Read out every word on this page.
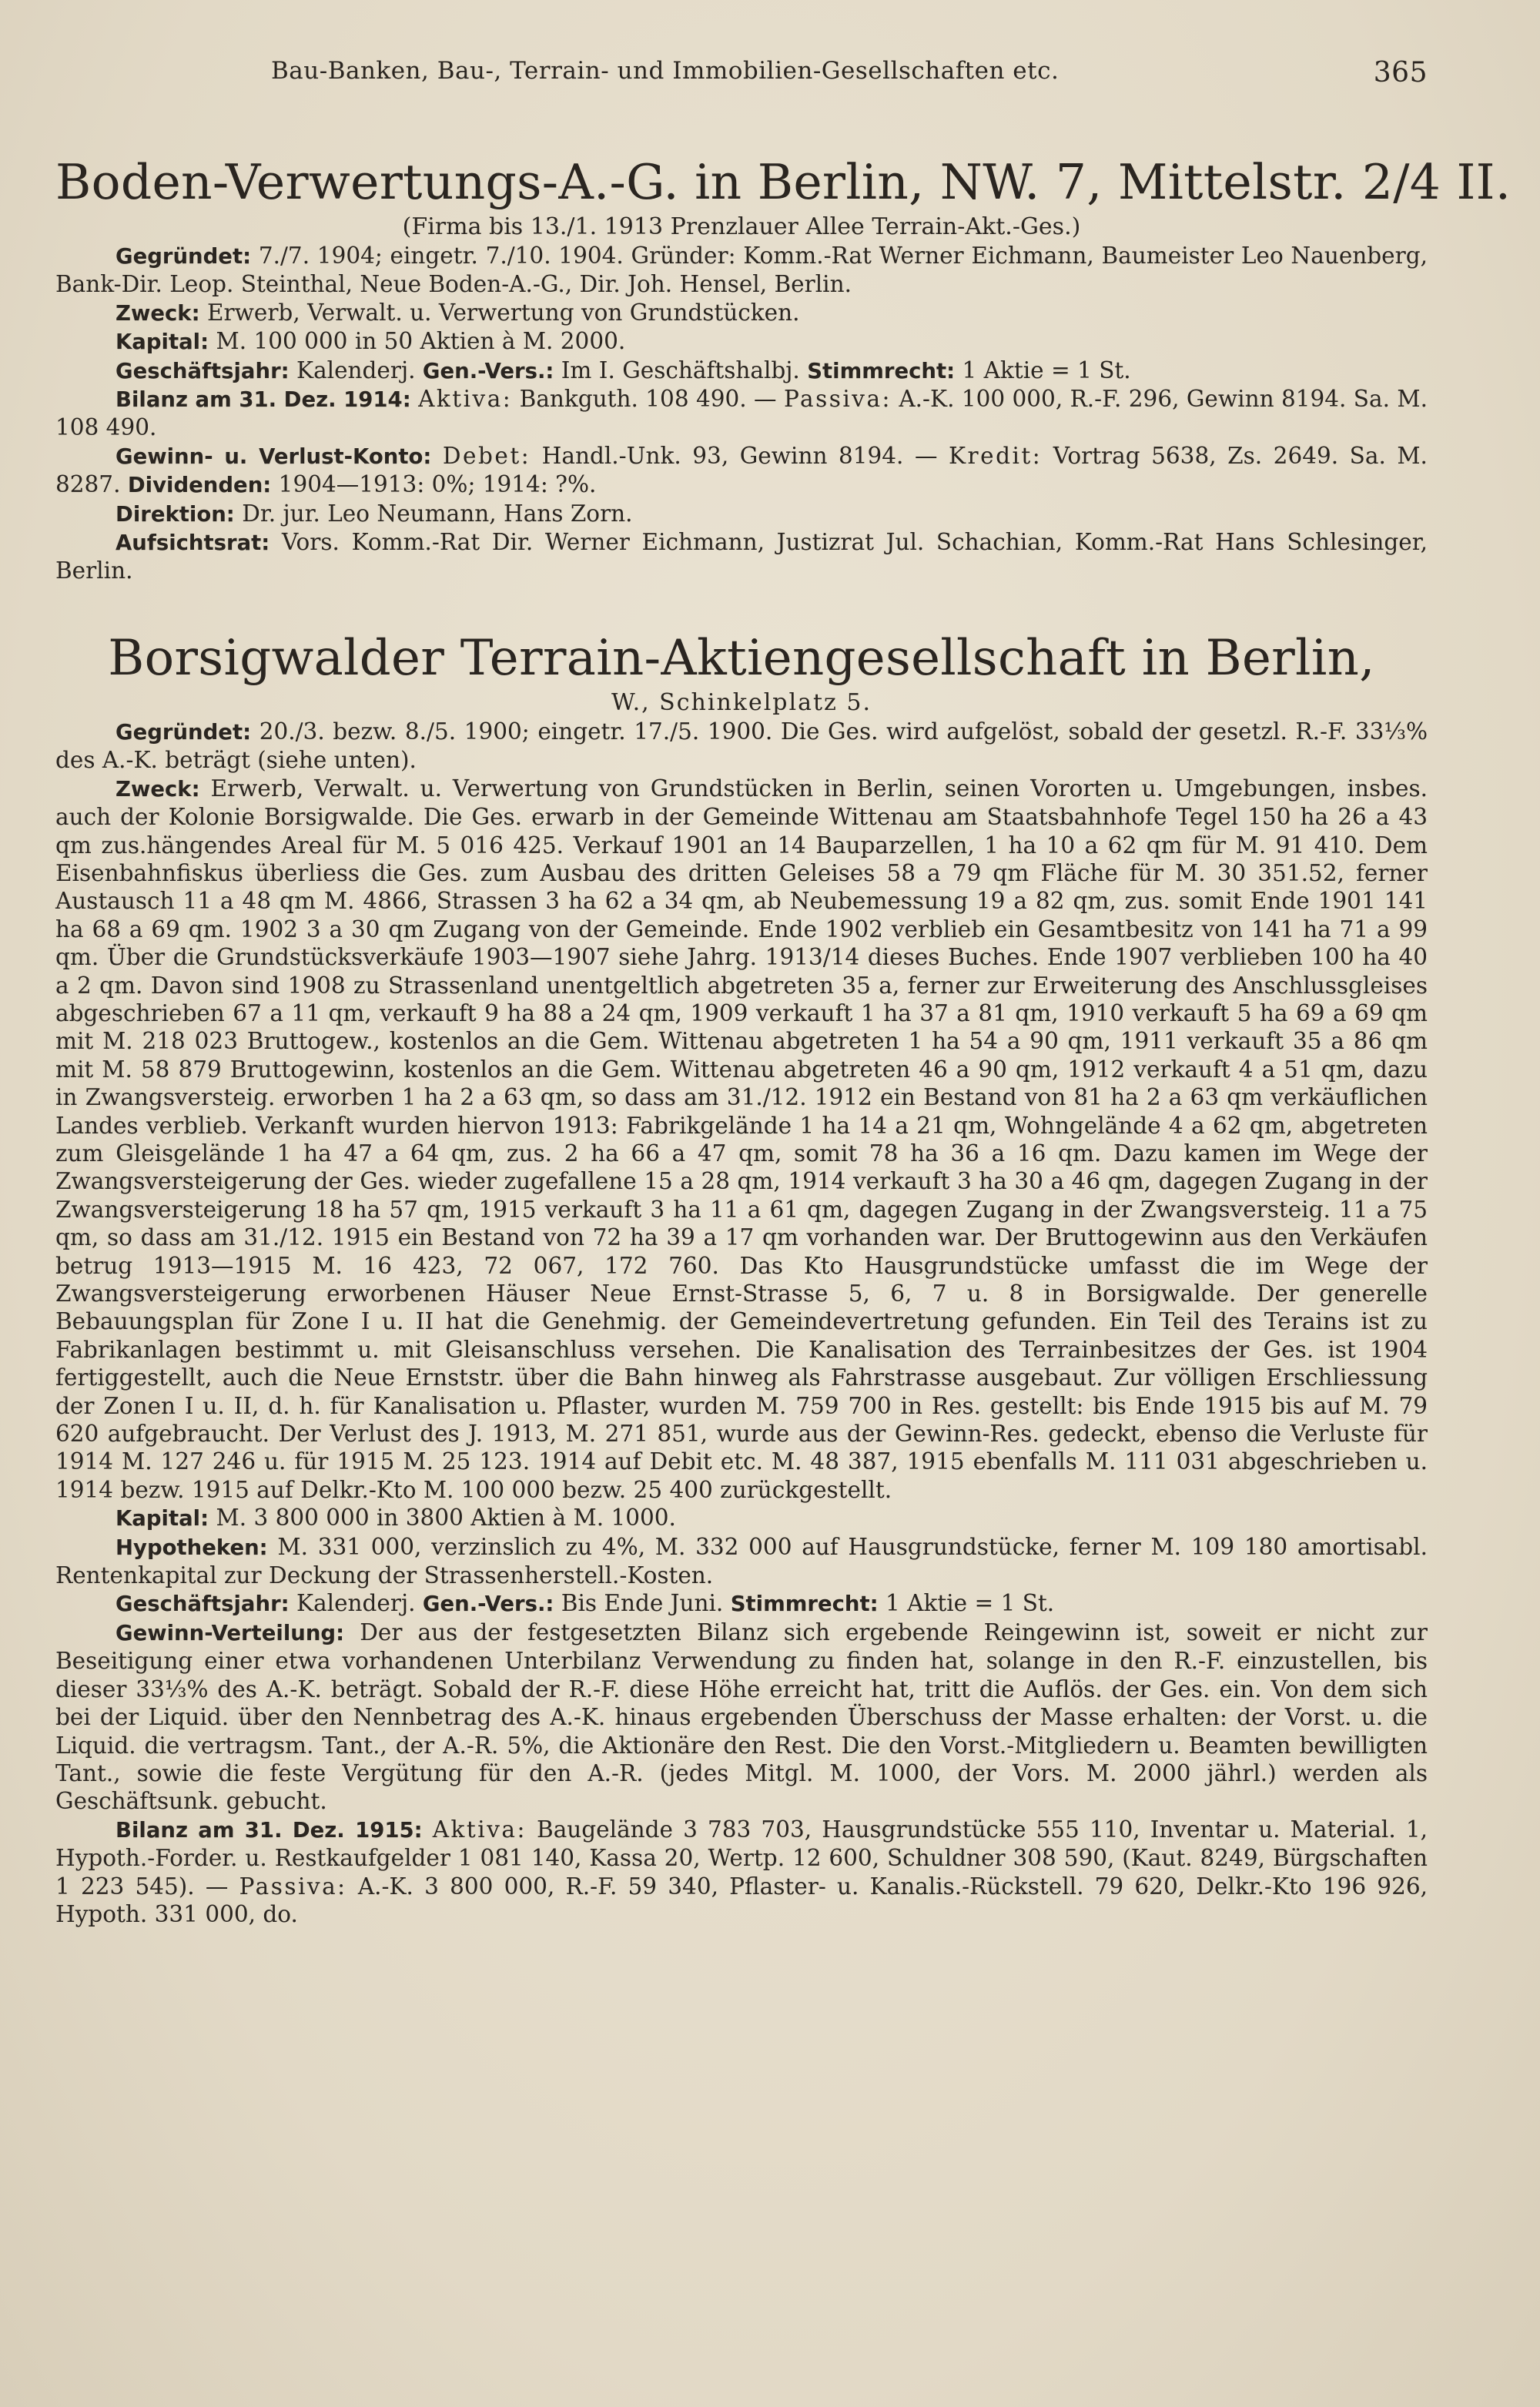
Bau-Banken, Bau-, Terrain- und Immobilien-Gesellschaften etc.	365
Boden-Verwertungs-A.-G. in Berlin, NW. 7, Mittelstr. 2/4 II.
(Firma bis 13./1. 1913 Prenzlauer Allee Terrain-Akt.-Ges.)

Gegründet: 7./7. 1904; eingetr. 7./10. 1904. Gründer: Komm.-Rat Werner Eichmann, Baumeister Leo Nauenberg, Bank-Dir. Leop. Steinthal, Neue Boden-A.-G., Dir. Joh. Hensel, Berlin.

Zweck: Erwerb, Verwalt. u. Verwertung von Grundstücken.

Kapital: M. 100 000 in 50 Aktien à M. 2000.

Geschäftsjahr: Kalenderj. Gen.-Vers.: Im I. Geschäftshalbj. Stimmrecht: 1 Aktie = 1 St.

Bilanz am 31. Dez. 1914: Aktiva: Bankguth. 108 490. — Passiva: A.-K. 100 000, R.-F. 296, Gewinn 8194. Sa. M. 108 490.

Gewinn- u. Verlust-Konto: Debet: Handl.-Unk. 93, Gewinn 8194. — Kredit: Vortrag 5638, Zs. 2649. Sa. M. 8287. Dividenden: 1904—1913: 0%; 1914: ?%.

Direktion: Dr. jur. Leo Neumann, Hans Zorn.

Aufsichtsrat: Vors. Komm.-Rat Dir. Werner Eichmann, Justizrat Jul. Schachian, Komm.-Rat Hans Schlesinger, Berlin.

Borsigwalder Terrain-Aktiengesellschaft in Berlin,
W., Schinkelplatz 5.

Gegründet: 20./3. bezw. 8./5. 1900; eingetr. 17./5. 1900. Die Ges. wird aufgelöst, sobald der gesetzl. R.-F. 33⅓% des A.-K. beträgt (siehe unten).

Zweck: Erwerb, Verwalt. u. Verwertung von Grundstücken in Berlin, seinen Vororten u. Umgebungen, insbes. auch der Kolonie Borsigwalde. Die Ges. erwarb in der Gemeinde Wittenau am Staatsbahnhofe Tegel 150 ha 26 a 43 qm zus.hängendes Areal für M. 5 016 425. Verkauf 1901 an 14 Bauparzellen, 1 ha 10 a 62 qm für M. 91 410. Dem Eisenbahnfiskus überliess die Ges. zum Ausbau des dritten Geleises 58 a 79 qm Fläche für M. 30 351.52, ferner Austausch 11 a 48 qm M. 4866, Strassen 3 ha 62 a 34 qm, ab Neubemessung 19 a 82 qm, zus. somit Ende 1901 141 ha 68 a 69 qm. 1902 3 a 30 qm Zugang von der Gemeinde. Ende 1902 verblieb ein Gesamtbesitz von 141 ha 71 a 99 qm. Über die Grundstücksverkäufe 1903—1907 siehe Jahrg. 1913/14 dieses Buches. Ende 1907 verblieben 100 ha 40 a 2 qm. Davon sind 1908 zu Strassenland unentgeltlich abgetreten 35 a, ferner zur Erweiterung des Anschlussgleises abgeschrieben 67 a 11 qm, verkauft 9 ha 88 a 24 qm, 1909 verkauft 1 ha 37 a 81 qm, 1910 verkauft 5 ha 69 a 69 qm mit M. 218 023 Bruttogew., kostenlos an die Gem. Wittenau abgetreten 1 ha 54 a 90 qm, 1911 verkauft 35 a 86 qm mit M. 58 879 Bruttogewinn, kostenlos an die Gem. Wittenau abgetreten 46 a 90 qm, 1912 verkauft 4 a 51 qm, dazu in Zwangsversteig. erworben 1 ha 2 a 63 qm, so dass am 31./12. 1912 ein Bestand von 81 ha 2 a 63 qm verkäuflichen Landes verblieb. Verkanft wurden hiervon 1913: Fabrikgelände 1 ha 14 a 21 qm, Wohngelände 4 a 62 qm, abgetreten zum Gleisgelände 1 ha 47 a 64 qm, zus. 2 ha 66 a 47 qm, somit 78 ha 36 a 16 qm. Dazu kamen im Wege der Zwangsversteigerung der Ges. wieder zugefallene 15 a 28 qm, 1914 verkauft 3 ha 30 a 46 qm, dagegen Zugang in der Zwangsversteigerung 18 ha 57 qm, 1915 verkauft 3 ha 11 a 61 qm, dagegen Zugang in der Zwangsversteig. 11 a 75 qm, so dass am 31./12. 1915 ein Bestand von 72 ha 39 a 17 qm vorhanden war. Der Bruttogewinn aus den Verkäufen betrug 1913—1915 M. 16 423, 72 067, 172 760. Das Kto Hausgrundstücke umfasst die im Wege der Zwangsversteigerung erworbenen Häuser Neue Ernst-Strasse 5, 6, 7 u. 8 in Borsigwalde. Der generelle Bebauungsplan für Zone I u. II hat die Genehmig. der Gemeindevertretung gefunden. Ein Teil des Terains ist zu Fabrikanlagen bestimmt u. mit Gleisanschluss versehen. Die Kanalisation des Terrainbesitzes der Ges. ist 1904 fertiggestellt, auch die Neue Ernststr. über die Bahn hinweg als Fahrstrasse ausgebaut. Zur völligen Erschliessung der Zonen I u. II, d. h. für Kanalisation u. Pflaster, wurden M. 759 700 in Res. gestellt: bis Ende 1915 bis auf M. 79 620 aufgebraucht. Der Verlust des J. 1913, M. 271 851, wurde aus der Gewinn-Res. gedeckt, ebenso die Verluste für 1914 M. 127 246 u. für 1915 M. 25 123. 1914 auf Debit etc. M. 48 387, 1915 ebenfalls M. 111 031 abgeschrieben u. 1914 bezw. 1915 auf Delkr.-Kto M. 100 000 bezw. 25 400 zurückgestellt.

Kapital: M. 3 800 000 in 3800 Aktien à M. 1000.

Hypotheken: M. 331 000, verzinslich zu 4%, M. 332 000 auf Hausgrundstücke, ferner M. 109 180 amortisabl. Rentenkapital zur Deckung der Strassenherstell.-Kosten.

Geschäftsjahr: Kalenderj. Gen.-Vers.: Bis Ende Juni. Stimmrecht: 1 Aktie = 1 St.

Gewinn-Verteilung: Der aus der festgesetzten Bilanz sich ergebende Reingewinn ist, soweit er nicht zur Beseitigung einer etwa vorhandenen Unterbilanz Verwendung zu finden hat, solange in den R.-F. einzustellen, bis dieser 33⅓% des A.-K. beträgt. Sobald der R.-F. diese Höhe erreicht hat, tritt die Auflös. der Ges. ein. Von dem sich bei der Liquid. über den Nennbetrag des A.-K. hinaus ergebenden Überschuss der Masse erhalten: der Vorst. u. die Liquid. die vertragsm. Tant., der A.-R. 5%, die Aktionäre den Rest. Die den Vorst.-Mitgliedern u. Beamten bewilligten Tant., sowie die feste Vergütung für den A.-R. (jedes Mitgl. M. 1000, der Vors. M. 2000 jährl.) werden als Geschäftsunk. gebucht.

Bilanz am 31. Dez. 1915: Aktiva: Baugelände 3 783 703, Hausgrundstücke 555 110, Inventar u. Material. 1, Hypoth.-Forder. u. Restkaufgelder 1 081 140, Kassa 20, Wertp. 12 600, Schuldner 308 590, (Kaut. 8249, Bürgschaften 1 223 545). — Passiva: A.-K. 3 800 000, R.-F. 59 340, Pflaster- u. Kanalis.-Rückstell. 79 620, Delkr.-Kto 196 926, Hypoth. 331 000, do.
